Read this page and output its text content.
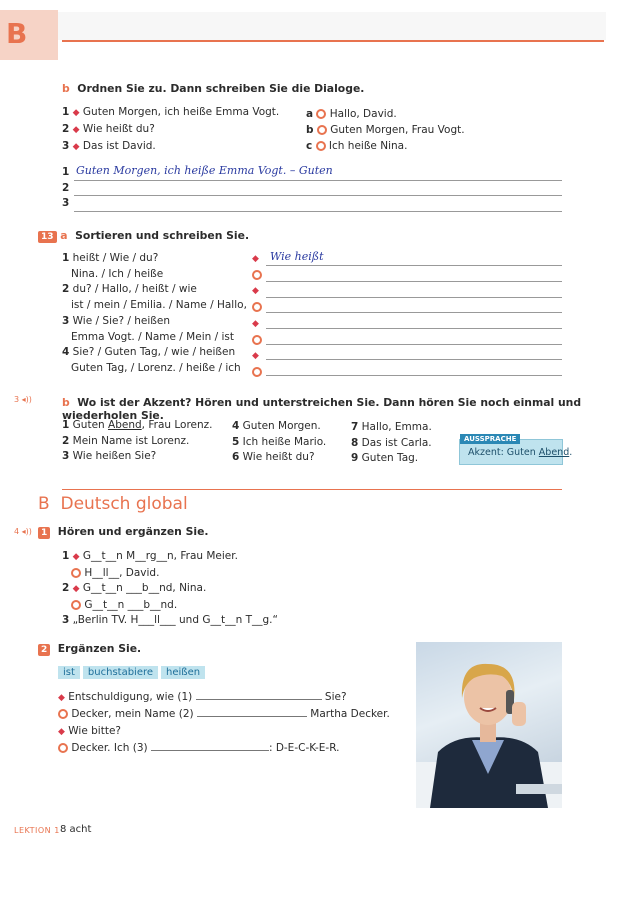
B
b Ordnen Sie zu. Dann schreiben Sie die Dialoge.
1 ◆ Guten Morgen, ich heiße Emma Vogt.
2 ◆ Wie heißt du?
3 ◆ Das ist David.
a Hallo, David.
b Guten Morgen, Frau Vogt.
c Ich heiße Nina.
1 Guten Morgen, ich heiße Emma Vogt. – Guten
2
3
13 a Sortieren und schreiben Sie.
1 heißt / Wie / du?
Nina. / Ich / heiße
2 du? / Hallo, / heißt / wie
ist / mein / Emilia. / Name / Hallo,
3 Wie / Sie? / heißen
Emma Vogt. / Name / Mein / ist
4 Sie? / Guten Tag, / wie / heißen
Guten Tag, / Lorenz. / heiße / ich
◆
◆
◆
◆
Wie heißt
3 ◂))	b Wo ist der Akzent? Hören und unterstreichen Sie. Dann hören Sie noch einmal und wiederholen Sie.
1 Guten Abend, Frau Lorenz.
2 Mein Name ist Lorenz.
3 Wie heißen Sie?
4 Guten Morgen.
5 Ich heiße Mario.
6 Wie heißt du?
7 Hallo, Emma.
8 Das ist Carla.
9 Guten Tag.
AUSSPRACHE
Akzent: Guten Abend.
B Deutsch global
4 ◂))	1 Hören und ergänzen Sie.
1 ◆ G__t__n M__rg__n, Frau Meier.
H__ll__, David.
2 ◆ G__t__n ___b__nd, Nina.
G__t__n ___b__nd.
3 „Berlin TV. H___ll___ und G__t__n T__g.“
2 Ergänzen Sie.
ist buchstabiere heißen
◆ Entschuldigung, wie (1)	Sie?
Decker, mein Name (2)	Martha Decker.
◆ Wie bitte?
Decker. Ich (3)	: D-E-C-K-E-R.
LEKTION 1 8 acht
